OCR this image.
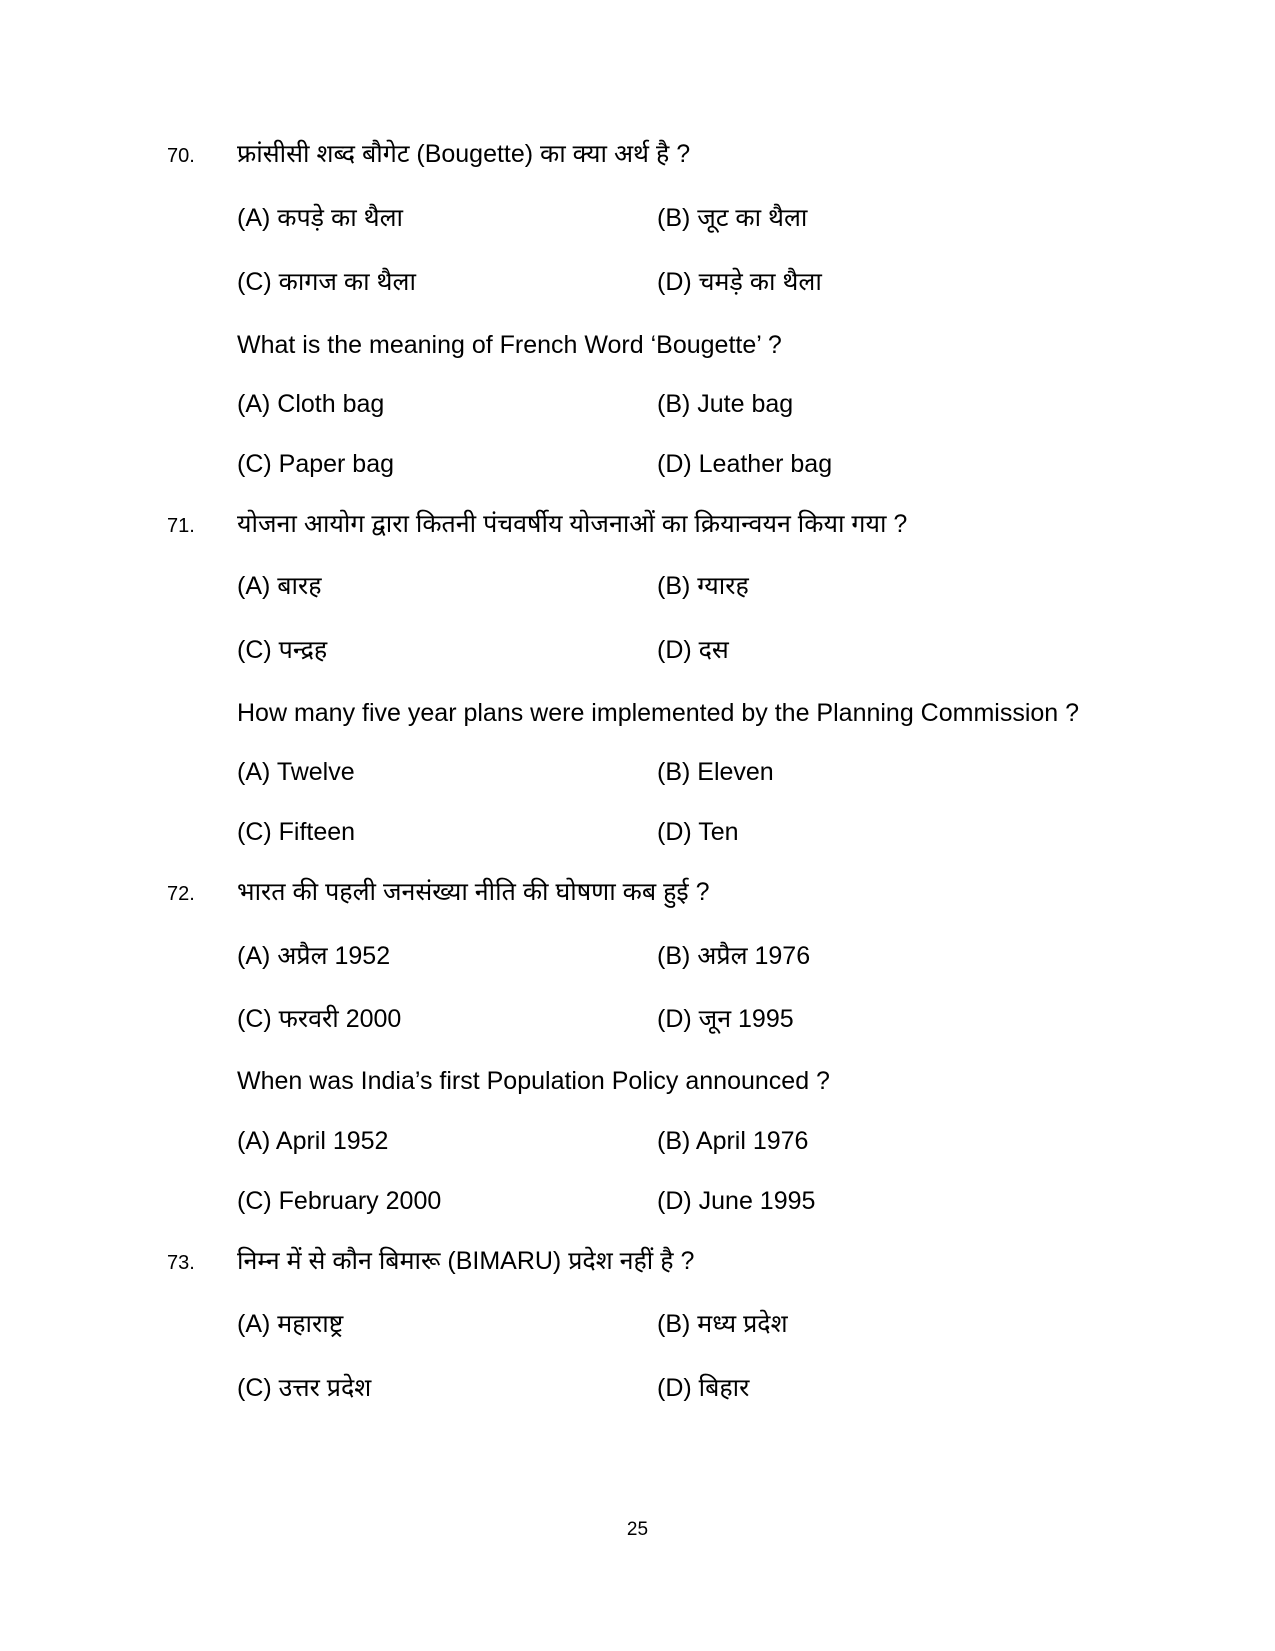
70. फ्रांसीसी शब्द बौगेट (Bougette) का क्या अर्थ है ?
(A) कपड़े का थैला	(B) जूट का थैला
(C) कागज का थैला	(D) चमड़े का थैला
What is the meaning of French Word ‘Bougette’ ?
(A) Cloth bag	(B) Jute bag
(C) Paper bag	(D) Leather bag
71. योजना आयोग द्वारा कितनी पंचवर्षीय योजनाओं का क्रियान्वयन किया गया ?
(A) बारह	(B) ग्यारह
(C) पन्द्रह	(D) दस
How many five year plans were implemented by the Planning Commission ?
(A) Twelve	(B) Eleven
(C) Fifteen	(D) Ten
72. भारत की पहली जनसंख्या नीति की घोषणा कब हुई ?
(A) अप्रैल 1952	(B) अप्रैल 1976
(C) फरवरी 2000	(D) जून 1995
When was India’s first Population Policy announced ?
(A) April 1952	(B) April 1976
(C) February 2000	(D) June 1995
73. निम्न में से कौन बिमारू (BIMARU) प्रदेश नहीं है ?
(A) महाराष्ट्र	(B) मध्य प्रदेश
(C) उत्तर प्रदेश	(D) बिहार
25
